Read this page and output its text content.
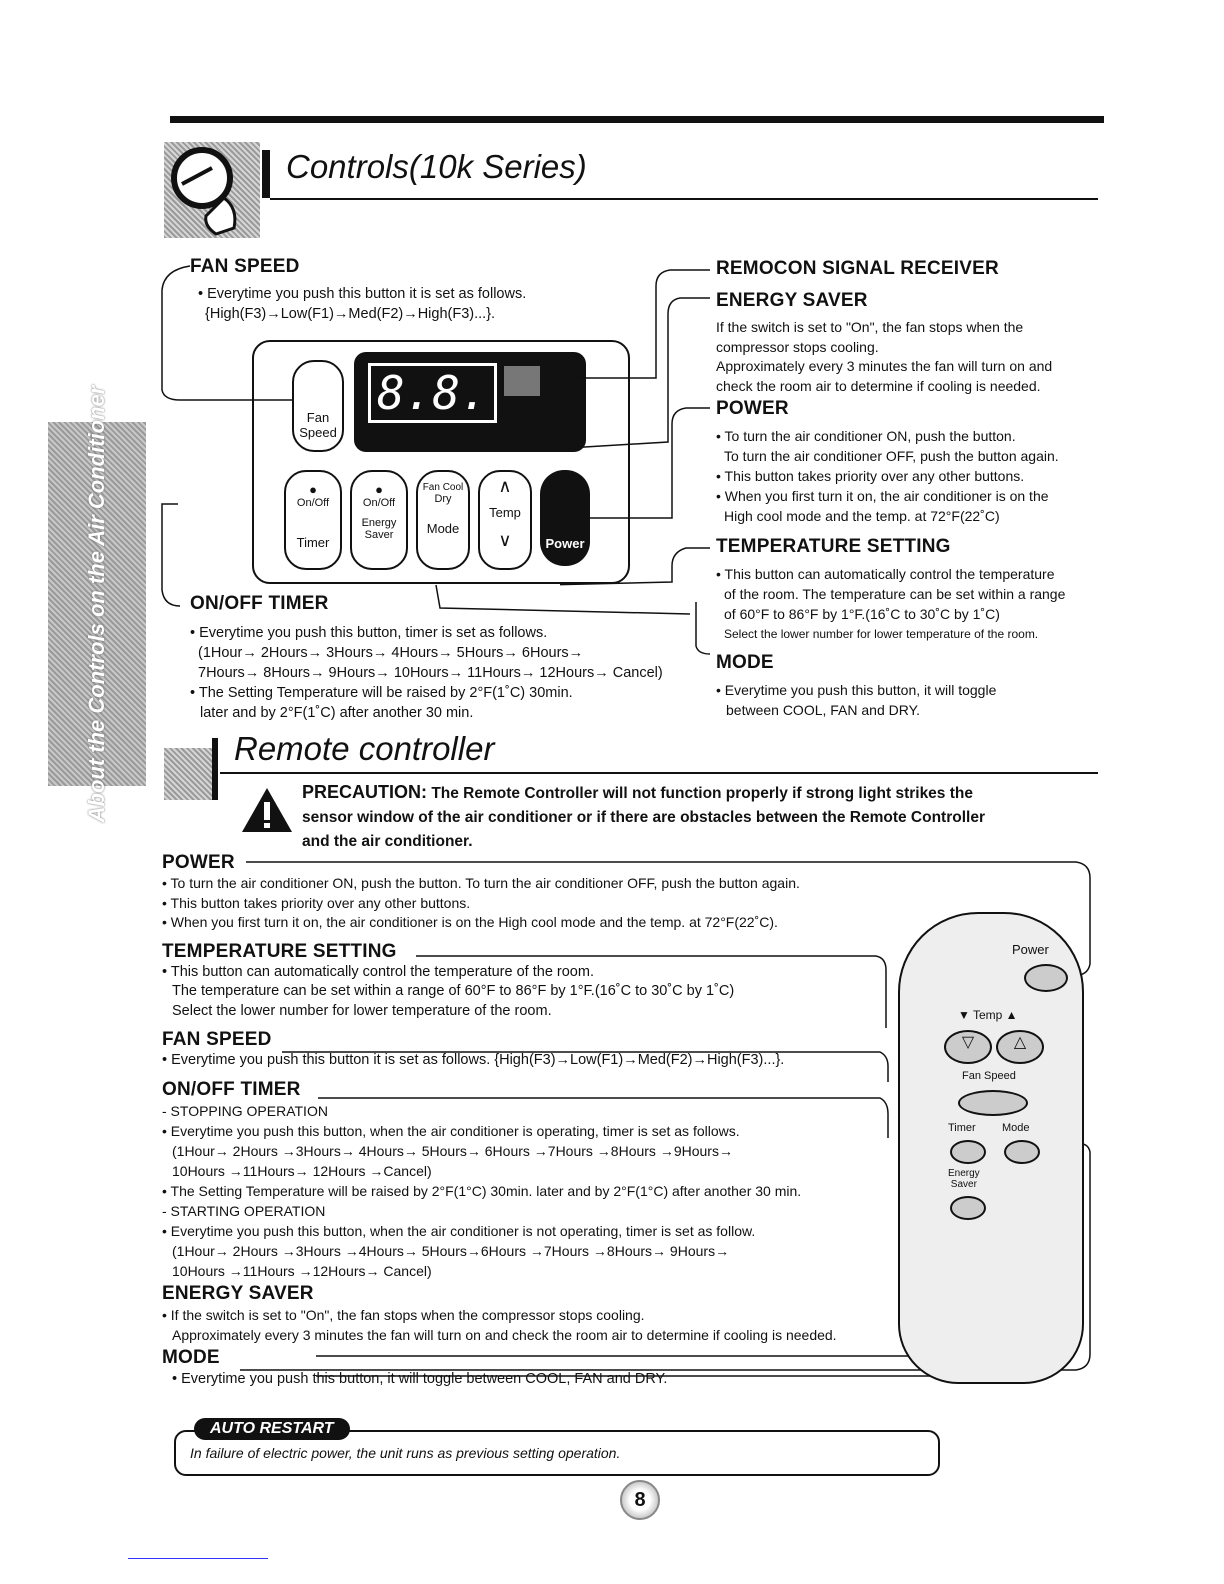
Controls(10k Series)
About the Controls on the Air Conditioner
FAN SPEED

• Everytime you push this button it is set as follows.

{High(F3)→Low(F1)→Med(F2)→High(F3)...}.

ON/OFF TIMER

• Everytime you push this button, timer is set as follows.

(1Hour→ 2Hours→ 3Hours→ 4Hours→ 5Hours→ 6Hours→

7Hours→ 8Hours→ 9Hours→ 10Hours→ 11Hours→ 12Hours→ Cancel)

• The Setting Temperature will be raised by 2°F(1˚C) 30min.

later and by 2°F(1˚C) after another 30 min.

Fan
Speed
8.8.
●
On/Off
Timer
●
On/Off
Energy
Saver
Fan Cool
Dry
Mode
∧
Temp
∨	Power
REMOCON SIGNAL RECEIVER
ENERGY SAVER

If the switch is set to "On", the fan stops when the

compressor stops cooling.

Approximately every 3 minutes the fan will turn on and

check the room air to determine if cooling is needed.

POWER

• To turn the air conditioner ON, push the button.

To turn the air conditioner OFF, push the button again.

• This button takes priority over any other buttons.

• When you first turn it on, the air conditioner is on the

High cool mode and the temp. at 72°F(22˚C)

TEMPERATURE SETTING

• This button can automatically control the temperature

of the room. The temperature can be set within a range

of 60°F to 86°F by 1°F.(16˚C to 30˚C by 1˚C)

Select the lower number for lower temperature of the room.

MODE

• Everytime you push this button, it will toggle

between COOL, FAN and DRY.

Remote controller
PRECAUTION: The Remote Controller will not function properly if strong light strikes the
sensor window of the air conditioner or if there are obstacles between the Remote Controller
and the air conditioner.
POWER

• To turn the air conditioner ON, push the button. To turn the air conditioner OFF, push the button again.

• This button takes priority over any other buttons.

• When you first turn it on, the air conditioner is on the High cool mode and the temp. at 72°F(22˚C).

TEMPERATURE SETTING

• This button can automatically control the temperature of the room.

The temperature can be set within a range of 60°F to 86°F by 1°F.(16˚C to 30˚C by 1˚C)

Select the lower number for lower temperature of the room.

FAN SPEED

• Everytime you push this button it is set as follows. {High(F3)→Low(F1)→Med(F2)→High(F3)...}.

ON/OFF TIMER

- STOPPING OPERATION

• Everytime you push this button, when the air conditioner is operating, timer is set as follows.

(1Hour→ 2Hours →3Hours→ 4Hours→ 5Hours→ 6Hours →7Hours →8Hours →9Hours→

10Hours →11Hours→ 12Hours →Cancel)

• The Setting Temperature will be raised by 2°F(1°C) 30min. later and by 2°F(1°C) after another 30 min.

- STARTING OPERATION

• Everytime you push this button, when the air conditioner is not operating, timer is set as follow.

(1Hour→ 2Hours →3Hours →4Hours→ 5Hours→6Hours →7Hours →8Hours→ 9Hours→

10Hours →11Hours →12Hours→ Cancel)

ENERGY SAVER

• If the switch is set to "On", the fan stops when the compressor stops cooling.

Approximately every 3 minutes the fan will turn on and check the room air to determine if cooling is needed.

MODE

• Everytime you push this button, it will toggle between COOL, FAN and DRY.

Power
▼ Temp ▲
▽	△
Fan Speed
Timer Mode
Energy
Saver
AUTO RESTART
In failure of electric power, the unit runs as previous setting operation.
8
